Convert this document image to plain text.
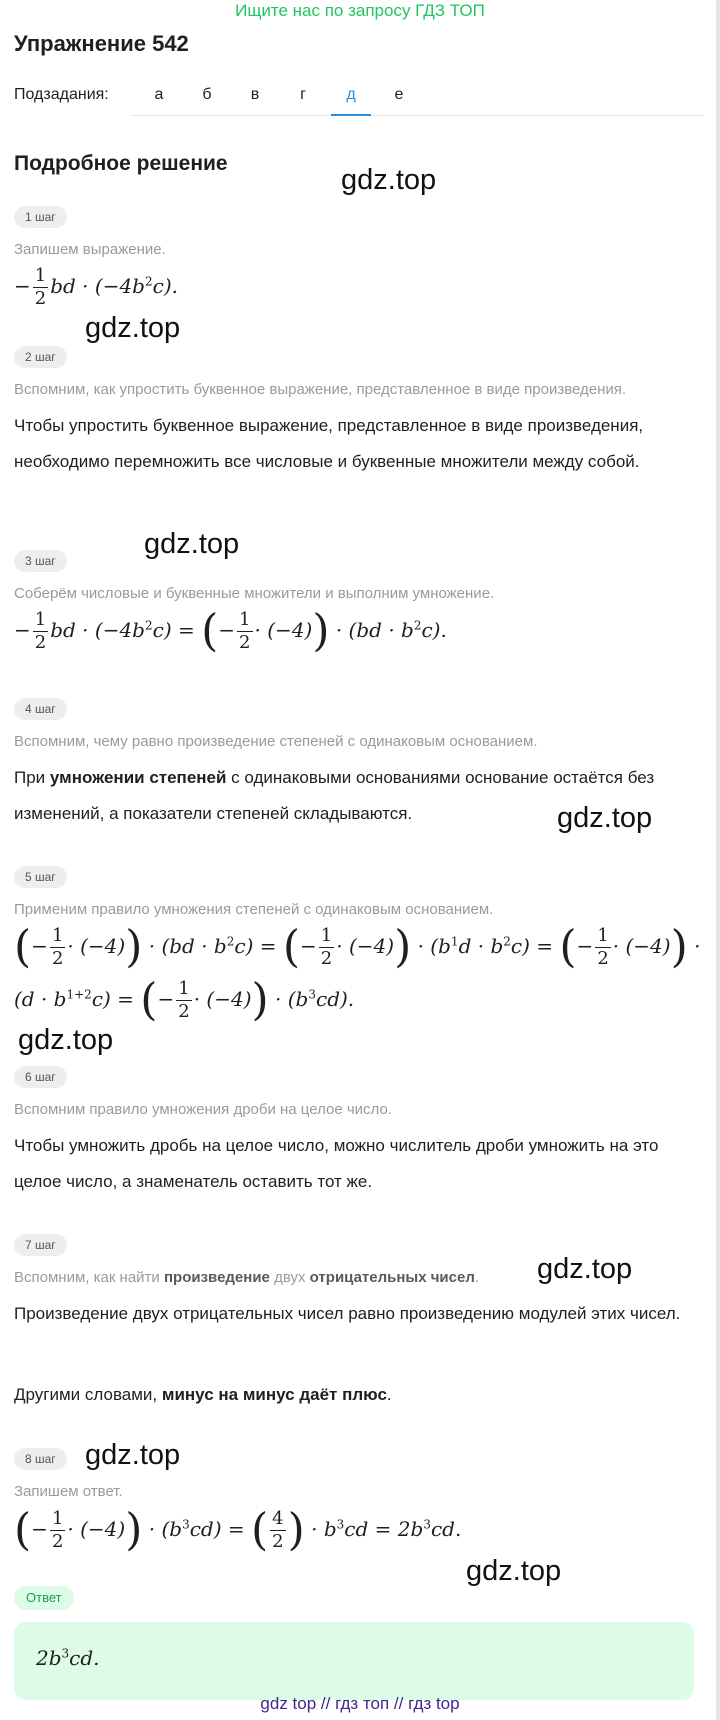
Ищите нас по запросу ГДЗ ТОП
Упражнение 542
Подзадания:	а	б	в	г	д	е
Подробное решение
gdz.top
gdz.top
gdz.top
gdz.top
gdz.top
gdz.top
gdz.top
gdz.top
1 шаг
Запишем выражение.
− $\frac{1}{2}$ bd · $(-4b^2c)$.
2 шаг
Вспомним, как упростить буквенное выражение, представленное в виде произведения.
Чтобы упростить буквенное выражение, представленное в виде произведения, необходимо перемножить все числовые и буквенные множители между собой.
3 шаг
Соберём числовые и буквенные множители и выполним умножение.
− $\frac{1}{2}$ bd · $(-4b^2c)$ = (− $\frac{1}{2} \cdot (-4)) \cdot (bd \cdot b^2c)$.
4 шаг
Вспомним, чему равно произведение степеней с одинаковым основанием.
При умножении степеней с одинаковыми основаниями основание остаётся без изменений, а показатели степеней складываются.
5 шаг
Применим правило умножения степеней с одинаковым основанием.
(− $\frac{1}{2} \cdot (-4)) \cdot (bd \cdot b^2c)$ = (− $\frac{1}{2} \cdot (-4)) \cdot (b^1d \cdot b^2c)$ = (− $\frac{1}{2} \cdot (-4)$) ·
$(d \cdot b^{1+2}c)$ = (− $\frac{1}{2} \cdot (-4)) \cdot (b^3cd)$.
6 шаг
Вспомним правило умножения дроби на целое число.
Чтобы умножить дробь на целое число, можно числитель дроби умножить на это целое число, а знаменатель оставить тот же.
7 шаг
Вспомним, как найти произведение двух отрицательных чисел.
Произведение двух отрицательных чисел равно произведению модулей этих чисел.
Другими словами, минус на минус даёт плюс.
8 шаг
Запишем ответ.
(− $\frac{1}{2} \cdot (-4)) \cdot (b^3cd)$ = ( $\frac{4}{2}$ ) · $b^3cd = 2b^3cd$.
Ответ
$2b^3cd$.
gdz top // гдз топ // гдз top
